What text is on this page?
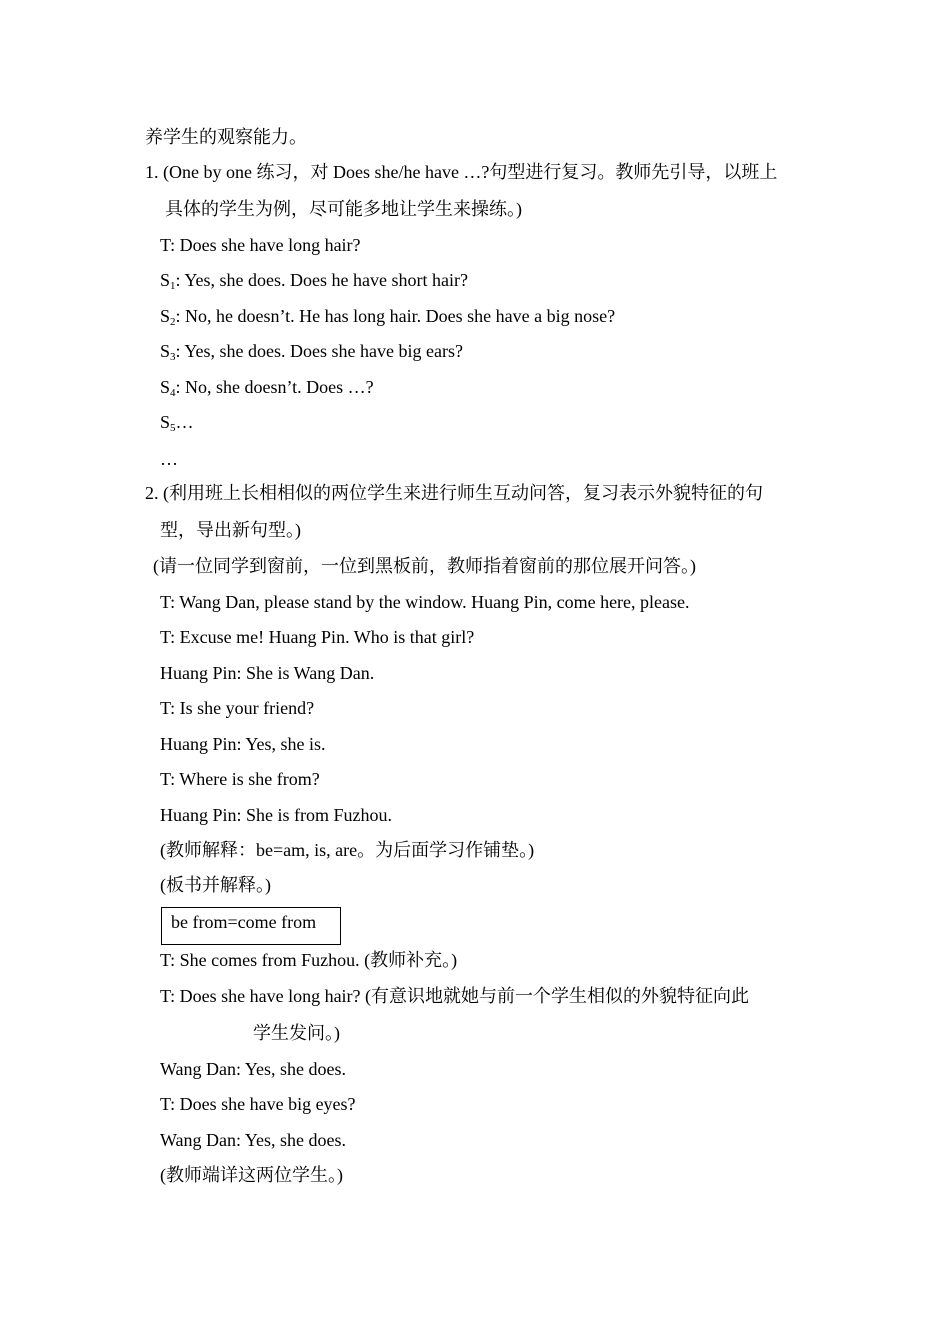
养学生的观察能力。
1. (One by one 练习，对 Does she/he have …?句型进行复习。教师先引导，以班上
具体的学生为例，尽可能多地让学生来操练。)
T: Does she have long hair?
$S_1$: Yes, she does. Does he have short hair?
$S_2$: No, he doesn’t. He has long hair. Does she have a big nose?
$S_3$: Yes, she does. Does she have big ears?
$S_4$: No, she doesn’t. Does …?
$S_5\dots$
…
2. (利用班上长相相似的两位学生来进行师生互动问答，复习表示外貌特征的句
型，导出新句型。)
(请一位同学到窗前，一位到黑板前，教师指着窗前的那位展开问答。)
T: Wang Dan, please stand by the window. Huang Pin, come here, please.
T: Excuse me! Huang Pin. Who is that girl?
Huang Pin: She is Wang Dan.
T: Is she your friend?
Huang Pin: Yes, she is.
T: Where is she from?
Huang Pin: She is from Fuzhou.
(教师解释：be=am, is, are。为后面学习作铺垫。)
(板书并解释。)
be from=come from
T: She comes from Fuzhou. (教师补充。)
T: Does she have long hair? (有意识地就她与前一个学生相似的外貌特征向此
学生发问。)
Wang Dan: Yes, she does.
T: Does she have big eyes?
Wang Dan: Yes, she does.
(教师端详这两位学生。)
